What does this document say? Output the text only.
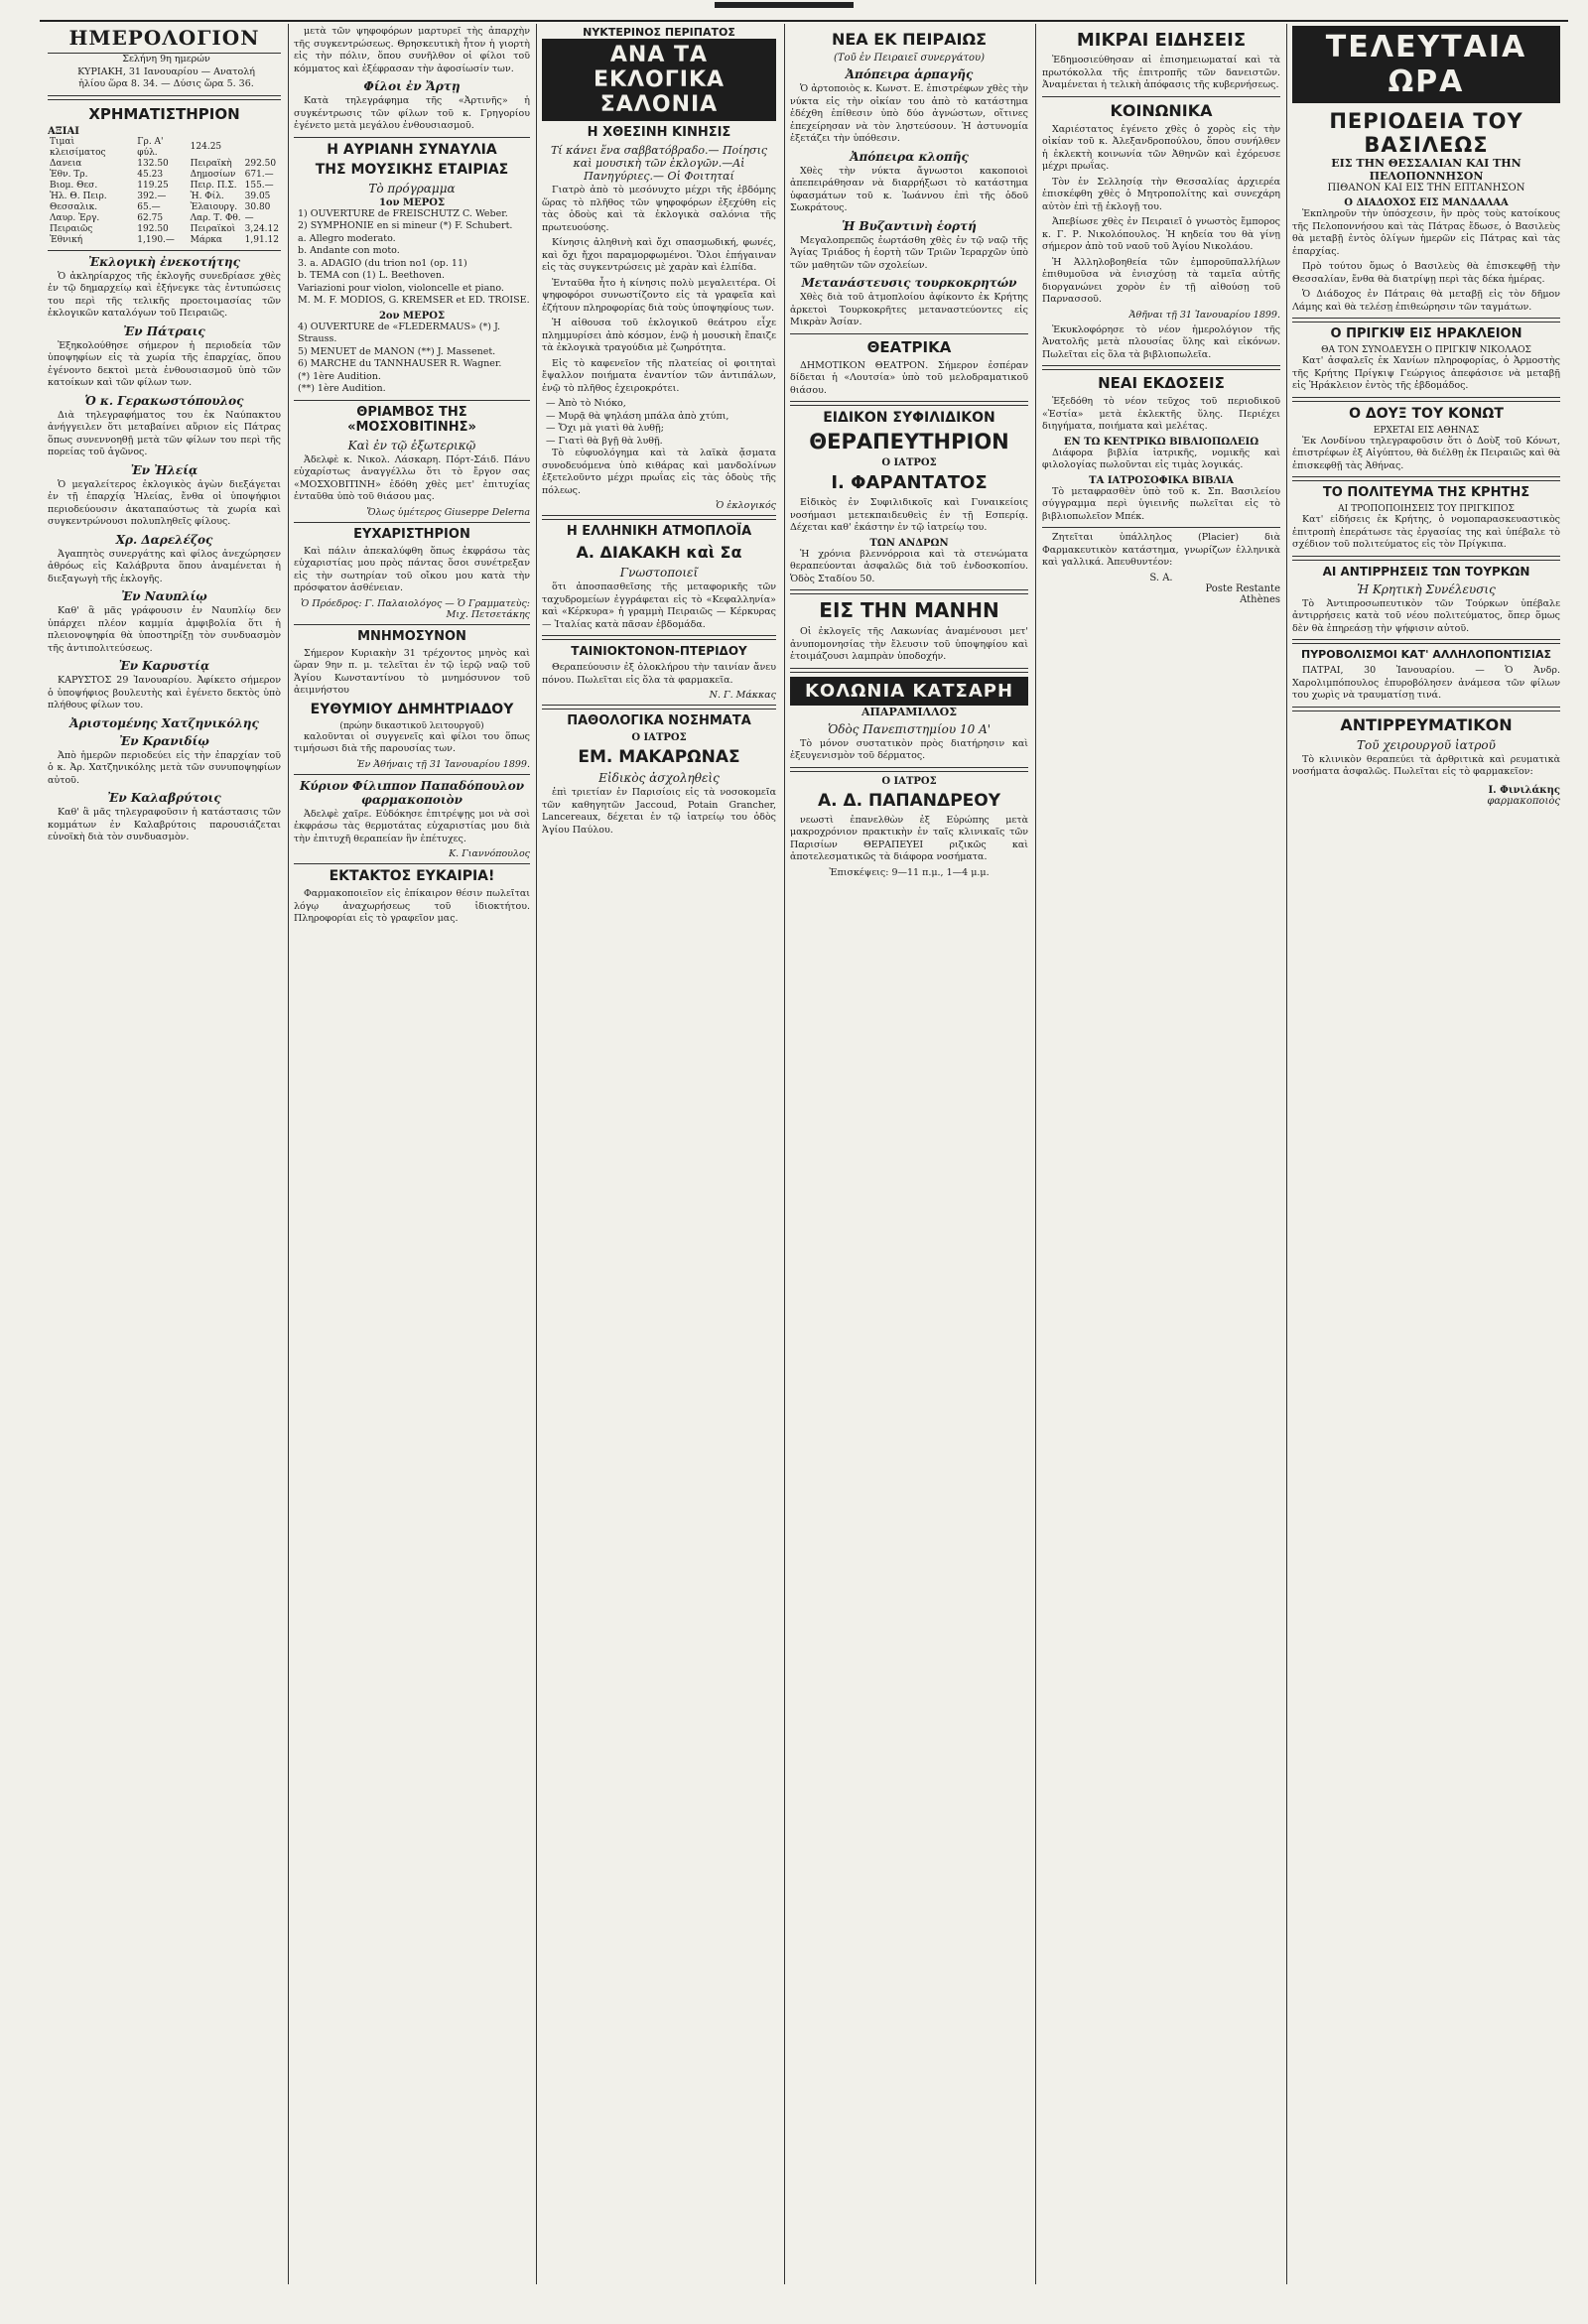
ΗΜΕΡΟΛΟΓΙΟΝ
Σελήνη 9η ημερών
ΚΥΡΙΑΚΗ, 31 Ιανουαρίου — Ανατολή
ἡλίου ὥρα 8. 34. — Δύσις ὥρα 5. 36.
ΧΡΗΜΑΤΙΣΤΗΡΙΟΝ
ΑΞΙΑΙ
Τιμαὶ κλεισίματος	Γρ. Α' φύλ.	124.25	
Δανεια	132.50	Πειραϊκὴ	292.50
Ἐθν. Τρ.	45.23	Δημοσίων	671.—
Βιομ. Θεσ.	119.25	Πειρ. Π.Σ.	155.—
Ἡλ. Θ. Πειρ.	392.—	Ἡ. Φίλ.	39.05
Θεσσαλικ.	65.—	Ἐλαιουργ.	30.80
Λαυρ. Ἐργ.	62.75	Λαρ. Τ. Φθ.	—
Πειραιῶς	192.50	Πειραϊκοὶ	3,24.12
Ἐθνική	1,190.—	Μάρκα	1,91.12
Ἐκλογικὴ ἐνεκοτήτης

Ὁ ἀκληρίαρχος τῆς ἐκλογῆς συνεδρίασε χθὲς ἐν τῷ δημαρχείῳ καὶ ἐξήνεγκε τὰς ἐντυπώσεις του περὶ τῆς τελικῆς προετοιμασίας τῶν ἐκλογικῶν καταλόγων τοῦ Πειραιῶς.

Ἐν Πάτραις

Ἐξηκολούθησε σήμερον ἡ περιοδεία τῶν ὑποψηφίων εἰς τὰ χωρία τῆς ἐπαρχίας, ὅπου ἐγένοντο δεκτοὶ μετὰ ἐνθουσιασμοῦ ὑπὸ τῶν κατοίκων καὶ τῶν φίλων των.

Ὁ κ. Γερακωστόπουλος

Διὰ τηλεγραφήματος του ἐκ Ναύπακτου ἀνήγγειλεν ὅτι μεταβαίνει αὔριον εἰς Πάτρας ὅπως συνεννοηθῇ μετὰ τῶν φίλων του περὶ τῆς πορείας τοῦ ἀγῶνος.

Ἐν Ἠλείᾳ

Ὁ μεγαλείτερος ἐκλογικὸς ἀγὼν διεξάγεται ἐν τῇ ἐπαρχίᾳ Ἠλείας, ἔνθα οἱ ὑποψήφιοι περιοδεύουσιν ἀκαταπαύστως τὰ χωρία καὶ συγκεντρώνουσι πολυπληθεῖς φίλους.

Χρ. Δαρελέζος

Ἀγαπητὸς συνεργάτης καὶ φίλος ἀνεχώρησεν ἀθρόως εἰς Καλάβρυτα ὅπου ἀναμένεται ἡ διεξαγωγὴ τῆς ἐκλογῆς.

Ἐν Ναυπλίῳ

Καθ' ἃ μᾶς γράφουσιν ἐν Ναυπλίῳ δεν ὑπάρχει πλέον καμμία ἀμφιβολία ὅτι ἡ πλειονοψηφία θὰ ὑποστηρίξῃ τὸν συνδυασμὸν τῆς ἀντιπολιτεύσεως.

Ἐν Καρυστίᾳ

ΚΑΡΥΣΤΟΣ 29 Ἰανουαρίου. Ἀφίκετο σήμερον ὁ ὑποψήφιος βουλευτὴς καὶ ἐγένετο δεκτὸς ὑπὸ πλήθους φίλων του.

Ἀριστομένης Χατζηνικόλης
Ἐν Κρανιδίῳ

Ἀπὸ ἡμερῶν περιοδεύει εἰς τὴν ἐπαρχίαν τοῦ ὁ κ. Ἀρ. Χατζηνικόλης μετὰ τῶν συνυποψηφίων αὐτοῦ.

Ἐν Καλαβρύτοις

Καθ' ἃ μᾶς τηλεγραφοῦσιν ἡ κατάστασις τῶν κομμάτων ἐν Καλαβρύτοις παρουσιάζεται εὐνοϊκὴ διὰ τὸν συνδυασμὸν.

μετὰ τῶν ψηφοφόρων μαρτυρεῖ τὴς ἀπαρχὴν τῆς συγκεντρώσεως. Θρησκευτικὴ ἦτον ἡ γιορτὴ εἰς τὴν πόλιν, ὅπου συνῆλθον οἱ φίλοι τοῦ κόμματος καὶ ἐξέφρασαν τὴν ἀφοσίωσίν των.

Φίλοι ἐν Ἄρτῃ

Κατὰ τηλεγράφημα τῆς «Ἀρτινῆς» ἡ συγκέντρωσις τῶν φίλων τοῦ κ. Γρηγορίου ἐγένετο μετὰ μεγάλου ἐνθουσιασμοῦ.

Η ΑΥΡΙΑΝΗ ΣΥΝΑΥΛΙΑ
ΤΗΣ ΜΟΥΣΙΚΗΣ ΕΤΑΙΡΙΑΣ
Τὸ πρόγραμμα
1ον ΜΕΡΟΣ
1) OUVERTURE de FREISCHUTZ C. Weber.
2) SYMPHONIE en si mineur (*) F. Schubert.
a. Allegro moderato.
b. Andante con moto.
3. a. ADAGIO (du trion no1 (op. 11)
b. TEMA con (1) L. Beethoven.
Variazioni pour violon, violoncelle et piano.
M. M. F. MODIOS, G. KREMSER et ED. TROISE.
2ον ΜΕΡΟΣ
4) OUVERTURE de «FLEDERMAUS» (*) J. Strauss.
5) MENUET de MANON (**) J. Massenet.
6) MARCHE du TANNHAUSER R. Wagner.
(*) 1ère Audition.
(**) 1ère Audition.
ΘΡΙΑΜΒΟΣ ΤΗΣ «ΜΟΣΧΟΒΙΤΙΝΗΣ»
Καὶ ἐν τῷ ἐξωτερικῷ

Ἀδελφὲ κ. Νικολ. Λάσκαρη. Πόρτ-Σάιδ. Πάνυ εὐχαρίστως ἀναγγέλλω ὅτι τὸ ἔργον σας «ΜΟΣΧΟΒΙΤΙΝΗ» ἐδόθη χθὲς μετ' ἐπιτυχίας ἐνταῦθα ὑπὸ τοῦ θιάσου μας.

Ὅλως ὑμέτερος Giuseppe Delerna
ΕΥΧΑΡΙΣΤΗΡΙΟΝ

Καὶ πάλιν ἀπεκαλύφθη ὅπως ἐκφράσω τὰς εὐχαριστίας μου πρὸς πάντας ὅσοι συνέτρεξαν εἰς τὴν σωτηρίαν τοῦ οἴκου μου κατὰ τὴν πρόσφατον ἀσθένειαν.

Ὁ Πρόεδρος: Γ. Παλαιολόγος — Ὁ Γραμματεὺς: Μιχ. Πετσετάκης
ΜΝΗΜΟΣΥΝΟΝ

Σήμερον Κυριακὴν 31 τρέχοντος μηνὸς καὶ ὥραν 9ην π. μ. τελεῖται ἐν τῷ ἱερῷ ναῷ τοῦ Ἁγίου Κωνσταντίνου τὸ μνημόσυνον τοῦ ἀειμνήστου

ΕΥΘΥΜΙΟΥ ΔΗΜΗΤΡΙΑΔΟΥ
(πρώην δικαστικοῦ λειτουργοῦ)

καλοῦνται οἱ συγγενεῖς καὶ φίλοι του ὅπως τιμήσωσι διὰ τῆς παρουσίας των.

Ἐν Ἀθήναις τῇ 31 Ἰανουαρίου 1899.
Κύριον Φίλιππον Παπαδόπουλον φαρμακοποιὸν

Ἀδελφὲ χαῖρε. Εὐδόκησε ἐπιτρέψῃς μοι νὰ σοὶ ἐκφράσω τὰς θερμοτάτας εὐχαριστίας μου διὰ τὴν ἐπιτυχῆ θεραπείαν ἣν ἐπέτυχες.

Κ. Γιαννόπουλος
ΕΚΤΑΚΤΟΣ ΕΥΚΑΙΡΙΑ!

Φαρμακοποιεῖον εἰς ἐπίκαιρον θέσιν πωλεῖται λόγῳ ἀναχωρήσεως τοῦ ἰδιοκτήτου. Πληροφορίαι εἰς τὸ γραφεῖον μας.

ΝΥΚΤΕΡΙΝΟΣ ΠΕΡΙΠΑΤΟΣ
ΑΝΑ ΤΑ ΕΚΛΟΓΙΚΑ ΣΑΛΟΝΙΑ
Η ΧΘΕΣΙΝΗ ΚΙΝΗΣΙΣ
Τί κάνει ἕνα σαββατόβραδο.— Ποίησις καὶ μουσικὴ τῶν ἐκλογῶν.—Αἱ Πανηγύριες.— Οἱ Φοιτηταί

Γιατρὸ ἀπὸ τὸ μεσόνυχτο μέχρι τῆς ἑβδόμης ὥρας τὸ πλῆθος τῶν ψηφοφόρων ἐξεχύθη εἰς τὰς ὁδοὺς καὶ τὰ ἐκλογικὰ σαλόνια τῆς πρωτευούσης.

Κίνησις ἀληθινὴ καὶ ὄχι σπασμωδική, φωνές, καὶ ὄχι ἤχοι παραμορφωμένοι. Ὅλοι ἐπήγαιναν εἰς τὰς συγκεντρώσεις μὲ χαρὰν καὶ ἐλπίδα.

Ἐνταῦθα ἦτο ἡ κίνησις πολὺ μεγαλειτέρα. Οἱ ψηφοφόροι συνωστίζοντο εἰς τὰ γραφεῖα καὶ ἐζήτουν πληροφορίας διὰ τοὺς ὑποψηφίους των.

Ἡ αἰθουσα τοῦ ἐκλογικοῦ θεάτρου εἶχε πλημμυρίσει ἀπὸ κόσμον, ἐνῷ ἡ μουσικὴ ἔπαιζε τὰ ἐκλογικὰ τραγούδια μὲ ζωηρότητα.

Εἰς τὸ καφενεῖον τῆς πλατείας οἱ φοιτηταὶ ἔψαλλον ποιήματα ἐναντίον τῶν ἀντιπάλων, ἐνῷ τὸ πλῆθος ἐχειροκρότει.

— Ἀπὸ τὸ Νιόκο,
— Μυρᾷ θὰ ψηλάση μπάλα ἀπὸ χτύπι,
— Ὄχι μὰ γιατὶ θὰ λυθῇ;
— Γιατὶ θὰ βγῇ θὰ λυθῇ.

Τὸ εὐφυολόγημα καὶ τὰ λαϊκὰ ᾄσματα συνοδευόμενα ὑπὸ κιθάρας καὶ μανδολίνων ἐξετελοῦντο μέχρι πρωΐας εἰς τὰς ὁδοὺς τῆς πόλεως.

Ὁ ἐκλογικός
Η ΕΛΛΗΝΙΚΗ ΑΤΜΟΠΛΟΪΑ
Α. ΔΙΑΚΑΚΗ καὶ Σα
Γνωστοποιεῖ

ὅτι ἀποσπασθεῖσης τῆς μεταφορικῆς τῶν ταχυδρομείων ἐγγράφεται εἰς τὸ «Κεφαλληνία» καὶ «Κέρκυρα» ἡ γραμμὴ Πειραιῶς — Κέρκυρας — Ἰταλίας κατὰ πᾶσαν ἑβδομάδα.

ΤΑΙΝΙΟΚΤΟΝΟΝ-ΠΤΕΡΙΔΟΥ

Θεραπεύουσιν ἐξ ὁλοκλήρου τὴν ταινίαν ἄνευ πόνου. Πωλεῖται εἰς ὅλα τὰ φαρμακεῖα.

Ν. Γ. Μάκκας
ΠΑΘΟΛΟΓΙΚΑ ΝΟΣΗΜΑΤΑ
Ο ΙΑΤΡΟΣ
ΕΜ. ΜΑΚΑΡΩΝΑΣ
Εἰδικὸς ἀσχοληθεὶς

ἐπὶ τριετίαν ἐν Παρισίοις εἰς τὰ νοσοκομεῖα τῶν καθηγητῶν Jaccoud, Potain Grancher, Lancereaux, δέχεται ἐν τῷ ἰατρείῳ του ὁδὸς Ἁγίου Παύλου.

ΝΕΑ ΕΚ ΠΕΙΡΑΙΩΣ
(Τοῦ ἐν Πειραιεῖ συνεργάτου)
Ἀπόπειρα ἁρπαγῆς

Ὁ ἀρτοποιὸς κ. Κωνστ. Ε. ἐπιστρέφων χθὲς τὴν νύκτα εἰς τὴν οἰκίαν του ἀπὸ τὸ κατάστημα ἐδέχθη ἐπίθεσιν ὑπὸ δύο ἀγνώστων, οἵτινες ἐπεχείρησαν νὰ τὸν ληστεύσουν. Ἡ ἀστυνομία ἐξετάζει τὴν ὑπόθεσιν.

Ἀπόπειρα κλοπῆς

Χθὲς τὴν νύκτα ἄγνωστοι κακοποιοὶ ἀπεπειράθησαν νὰ διαρρήξωσι τὸ κατάστημα ὑφασμάτων τοῦ κ. Ἰωάννου ἐπὶ τῆς ὁδοῦ Σωκράτους.

Ἡ Βυζαντινὴ ἑορτή

Μεγαλοπρεπῶς ἐωρτάσθη χθὲς ἐν τῷ ναῷ τῆς Ἁγίας Τριάδος ἡ ἑορτὴ τῶν Τριῶν Ἱεραρχῶν ὑπὸ τῶν μαθητῶν τῶν σχολείων.

Μετανάστευσις τουρκοκρητών

Χθὲς διὰ τοῦ ἀτμοπλοίου ἀφίκοντο ἐκ Κρήτης ἀρκετοὶ Τουρκοκρῆτες μεταναστεύοντες εἰς Μικρὰν Ἀσίαν.

ΘΕΑΤΡΙΚΑ

ΔΗΜΟΤΙΚΟΝ ΘΕΑΤΡΟΝ. Σήμερον ἐσπέραν δίδεται ἡ «Λουτσία» ὑπὸ τοῦ μελοδραματικοῦ θιάσου.

ΕΙΔΙΚΟΝ ΣΥΦΙΛΙΔΙΚΟΝ
ΘΕΡΑΠΕΥΤΗΡΙΟΝ
Ο ΙΑΤΡΟΣ
Ι. ΦΑΡΑΝΤΑΤΟΣ

Εἰδικὸς ἐν Συφιλιδικοῖς καὶ Γυναικείοις νοσήμασι μετεκπαιδευθεὶς ἐν τῇ Εσπερίᾳ. Δέχεται καθ' ἑκάστην ἐν τῷ ἰατρείῳ του.

ΤΩΝ ΑΝΔΡΩΝ

Ἡ χρόνια βλεννόρροια καὶ τὰ στενώματα θεραπεύονται ἀσφαλῶς διὰ τοῦ ἐνδοσκοπίου. Ὁδὸς Σταδίου 50.

ΕΙΣ ΤΗΝ ΜΑΝΗΝ

Οἱ ἐκλογεῖς τῆς Λακωνίας ἀναμένουσι μετ' ἀνυπομονησίας τὴν ἔλευσιν τοῦ ὑποψηφίου καὶ ἑτοιμάζουσι λαμπρὰν ὑποδοχήν.

ΚΟΛΩΝΙΑ ΚΑΤΣΑΡΗ
ΑΠΑΡΑΜΙΛΛΟΣ
Ὁδὸς Πανεπιστημίου 10 Α'

Τὸ μόνον συστατικὸν πρὸς διατήρησιν καὶ ἐξευγενισμὸν τοῦ δέρματος.

Ο ΙΑΤΡΟΣ
Α. Δ. ΠΑΠΑΝΔΡΕΟΥ

νεωστὶ ἐπανελθὼν ἐξ Εὐρώπης μετὰ μακροχρόνιον πρακτικὴν ἐν ταῖς κλινικαῖς τῶν Παρισίων ΘΕΡΑΠΕΥΕΙ ριζικῶς καὶ ἀποτελεσματικῶς τὰ διάφορα νοσήματα.

Ἐπισκέψεις: 9—11 π.μ., 1—4 μ.μ.
ΜΙΚΡΑΙ ΕΙΔΗΣΕΙΣ

Ἐδημοσιεύθησαν αἱ ἐπισημειωματαί καὶ τὰ πρωτόκολλα τῆς ἐπιτροπῆς τῶν δανειστῶν. Ἀναμένεται ἡ τελικὴ ἀπόφασις τῆς κυβερνήσεως.

ΚΟΙΝΩΝΙΚΑ

Χαριέστατος ἐγένετο χθὲς ὁ χορὸς εἰς τὴν οἰκίαν τοῦ κ. Ἀλεξανδροπούλου, ὅπου συνήλθεν ἡ ἐκλεκτὴ κοινωνία τῶν Ἀθηνῶν καὶ ἐχόρευσε μέχρι πρωΐας.

Τὸν ἐν Σελλησίᾳ τὴν Θεσσαλίας ἀρχιερέα ἐπισκέφθη χθὲς ὁ Μητροπολίτης καὶ συνεχάρη αὐτὸν ἐπὶ τῇ ἐκλογῇ του.

Ἀπεβίωσε χθὲς ἐν Πειραιεῖ ὁ γνωστὸς ἔμπορος κ. Γ. Ρ. Νικολόπουλος. Ἡ κηδεία του θὰ γίνῃ σήμερον ἀπὸ τοῦ ναοῦ τοῦ Ἁγίου Νικολάου.

Ἡ Ἀλληλοβοηθεία τῶν ἐμποροϋπαλλήλων ἐπιθυμοῦσα νὰ ἐνισχύσῃ τὰ ταμεῖα αὐτῆς διοργανώνει χορὸν ἐν τῇ αἰθούσῃ τοῦ Παρνασσοῦ.

Ἀθῆναι τῇ 31 Ἰανουαρίου 1899.

Ἐκυκλοφόρησε τὸ νέον ἡμερολόγιον τῆς Ἀνατολῆς μετὰ πλουσίας ὕλης καὶ εἰκόνων. Πωλεῖται εἰς ὅλα τὰ βιβλιοπωλεῖα.

ΝΕΑΙ ΕΚΔΟΣΕΙΣ

Ἐξεδόθη τὸ νέον τεῦχος τοῦ περιοδικοῦ «Ἑστία» μετὰ ἐκλεκτῆς ὕλης. Περιέχει διηγήματα, ποιήματα καὶ μελέτας.

ΕΝ ΤΩ ΚΕΝΤΡΙΚΩ ΒΙΒΛΙΟΠΩΛΕΙΩ

Διάφορα βιβλία ἰατρικῆς, νομικῆς καὶ φιλολογίας πωλοῦνται εἰς τιμὰς λογικάς.

ΤΑ ΙΑΤΡΟΣΟΦΙΚΑ ΒΙΒΛΙΑ

Τὸ μεταφρασθὲν ὑπὸ τοῦ κ. Σπ. Βασιλείου σύγγραμμα περὶ ὑγιεινῆς πωλεῖται εἰς τὸ βιβλιοπωλεῖον Μπέκ.

Ζητεῖται ὑπάλληλος (Placier) διὰ Φαρμακευτικὸν κατάστημα, γνωρίζων ἑλληνικὰ καὶ γαλλικά. Ἀπευθυντέον:

S. A.
Poste Restante
Athènes
ΤΕΛΕΥΤΑΙΑ ΩΡΑ
ΠΕΡΙΟΔΕΙΑ ΤΟΥ ΒΑΣΙΛΕΩΣ
ΕΙΣ ΤΗΝ ΘΕΣΣΑΛΙΑΝ ΚΑΙ ΤΗΝ ΠΕΛΟΠΟΝΝΗΣΟΝ
ΠΙΘΑΝΟΝ ΚΑΙ ΕΙΣ ΤΗΝ ΕΠΤΑΝΗΣΟΝ
Ο ΔΙΑΔΟΧΟΣ ΕΙΣ ΜΑΝΔΑΛΑΑ

Ἐκπληροῦν τὴν ὑπόσχεσιν, ἣν πρὸς τοὺς κατοίκους τῆς Πελοποννήσου καὶ τὰς Πάτρας ἔδωσε, ὁ Βασιλεὺς θὰ μεταβῇ ἐντὸς ὀλίγων ἡμερῶν εἰς Πάτρας καὶ τὰς ἐπαρχίας.

Πρὸ τούτου ὅμως ὁ Βασιλεὺς θὰ ἐπισκεφθῇ τὴν Θεσσαλίαν, ἔνθα θὰ διατρίψῃ περὶ τὰς δέκα ἡμέρας.

Ὁ Διάδοχος ἐν Πάτραις θὰ μεταβῇ εἰς τὸν δῆμον Λάμης καὶ θὰ τελέσῃ ἐπιθεώρησιν τῶν ταγμάτων.

Ο ΠΡΙΓΚΙΨ ΕΙΣ ΗΡΑΚΛΕΙΟΝ
ΘΑ ΤΟΝ ΣΥΝΟΔΕΥΣΗ Ο ΠΡΙΓΚΙΨ ΝΙΚΟΛΑΟΣ

Κατ' ἀσφαλεῖς ἐκ Χανίων πληροφορίας, ὁ Ἁρμοστὴς τῆς Κρήτης Πρίγκιψ Γεώργιος ἀπεφάσισε νὰ μεταβῇ εἰς Ἡράκλειον ἐντὸς τῆς ἑβδομάδος.

Ο ΔΟΥΞ ΤΟΥ ΚΟΝΩΤ
ΕΡΧΕΤΑΙ ΕΙΣ ΑΘΗΝΑΣ

Ἐκ Λονδίνου τηλεγραφοῦσιν ὅτι ὁ Δοὺξ τοῦ Κόνωτ, ἐπιστρέφων ἐξ Αἰγύπτου, θὰ διέλθῃ ἐκ Πειραιῶς καὶ θὰ ἐπισκεφθῇ τὰς Ἀθήνας.

ΤΟ ΠΟΛΙΤΕΥΜΑ ΤΗΣ ΚΡΗΤΗΣ
ΑΙ ΤΡΟΠΟΠΟΙΗΣΕΙΣ ΤΟΥ ΠΡΙΓΚΙΠΟΣ

Κατ' εἰδήσεις ἐκ Κρήτης, ὁ νομοπαρασκευαστικὸς ἐπιτροπὴ ἐπεράτωσε τὰς ἐργασίας της καὶ ὑπέβαλε τὸ σχέδιον τοῦ πολιτεύματος εἰς τὸν Πρίγκιπα.

ΑΙ ΑΝΤΙΡΡΗΣΕΙΣ ΤΩΝ ΤΟΥΡΚΩΝ
Ἡ Κρητικὴ Συνέλευσις

Τὸ Ἀντιπροσωπευτικὸν τῶν Τούρκων ὑπέβαλε ἀντιρρήσεις κατὰ τοῦ νέου πολιτεύματος, ὅπερ ὅμως δὲν θὰ ἐπηρεάσῃ τὴν ψήφισιν αὐτοῦ.

ΠΥΡΟΒΟΛΙΣΜΟΙ ΚΑΤ' ΑΛΛΗΛΟΠΟΝΤΙΣΙΑΣ

ΠΑΤΡΑΙ, 30 Ἰανουαρίου. — Ὁ Ἀνδρ. Χαρολιμπόπουλος ἐπυροβόλησεν ἀνάμεσα τῶν φίλων του χωρὶς νὰ τραυματίσῃ τινά.

ΑΝΤΙΡΡΕΥΜΑΤΙΚΟΝ
Τοῦ χειρουργοῦ ἰατροῦ

Τὸ κλινικὸν θεραπεύει τὰ ἀρθριτικὰ καὶ ρευματικὰ νοσήματα ἀσφαλῶς. Πωλεῖται εἰς τὸ φαρμακεῖον:

Ι. Φινιλάκης
φαρμακοποιὸς
